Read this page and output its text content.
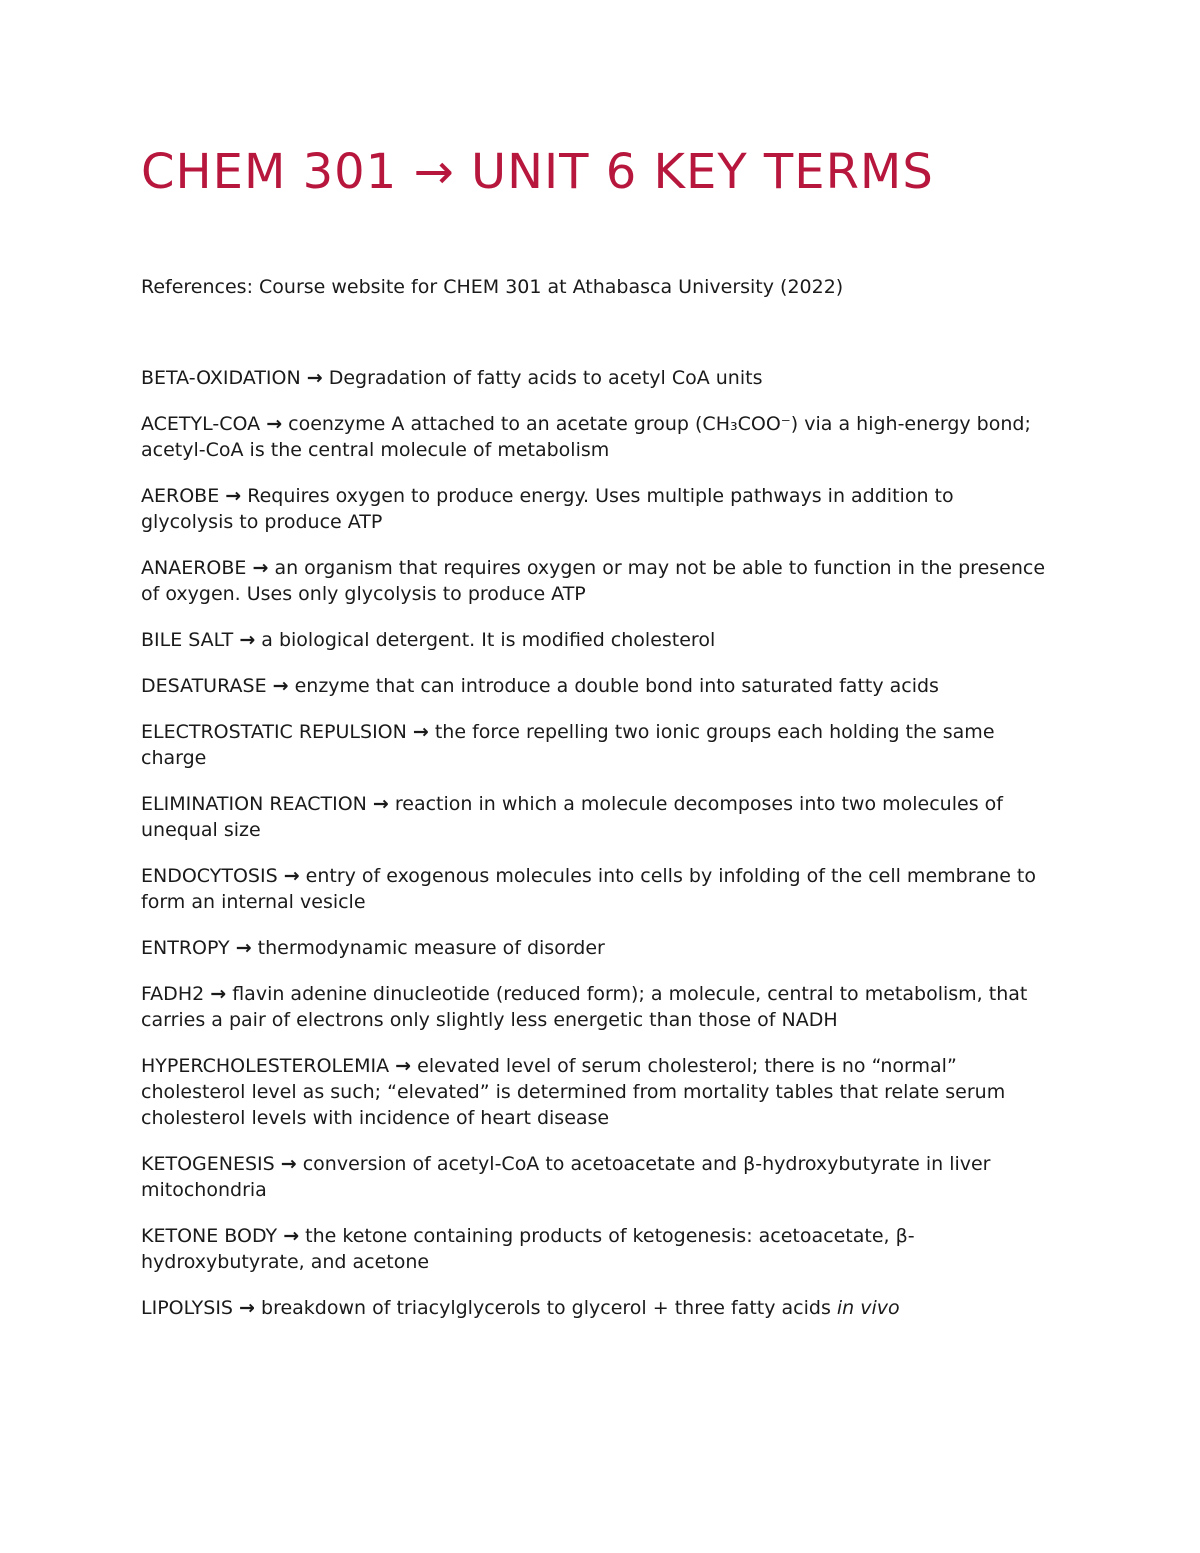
CHEM 301 → UNIT 6 KEY TERMS

References: Course website for CHEM 301 at Athabasca University (2022)

BETA-OXIDATION → Degradation of fatty acids to acetyl CoA units
ACETYL-COA → coenzyme A attached to an acetate group (CH₃COO⁻) via a high-energy bond; acetyl-CoA is the central molecule of metabolism
AEROBE → Requires oxygen to produce energy. Uses multiple pathways in addition to glycolysis to produce ATP
ANAEROBE → an organism that requires oxygen or may not be able to function in the presence of oxygen. Uses only glycolysis to produce ATP
BILE SALT → a biological detergent. It is modified cholesterol
DESATURASE → enzyme that can introduce a double bond into saturated fatty acids
ELECTROSTATIC REPULSION → the force repelling two ionic groups each holding the same charge
ELIMINATION REACTION → reaction in which a molecule decomposes into two molecules of unequal size
ENDOCYTOSIS → entry of exogenous molecules into cells by infolding of the cell membrane to form an internal vesicle
ENTROPY → thermodynamic measure of disorder
FADH2 → flavin adenine dinucleotide (reduced form); a molecule, central to metabolism, that carries a pair of electrons only slightly less energetic than those of NADH
HYPERCHOLESTEROLEMIA → elevated level of serum cholesterol; there is no “normal” cholesterol level as such; “elevated” is determined from mortality tables that relate serum cholesterol levels with incidence of heart disease
KETOGENESIS → conversion of acetyl-CoA to acetoacetate and β-hydroxybutyrate in liver mitochondria
KETONE BODY → the ketone containing products of ketogenesis: acetoacetate, β-hydroxybutyrate, and acetone
LIPOLYSIS → breakdown of triacylglycerols to glycerol + three fatty acids in vivo
